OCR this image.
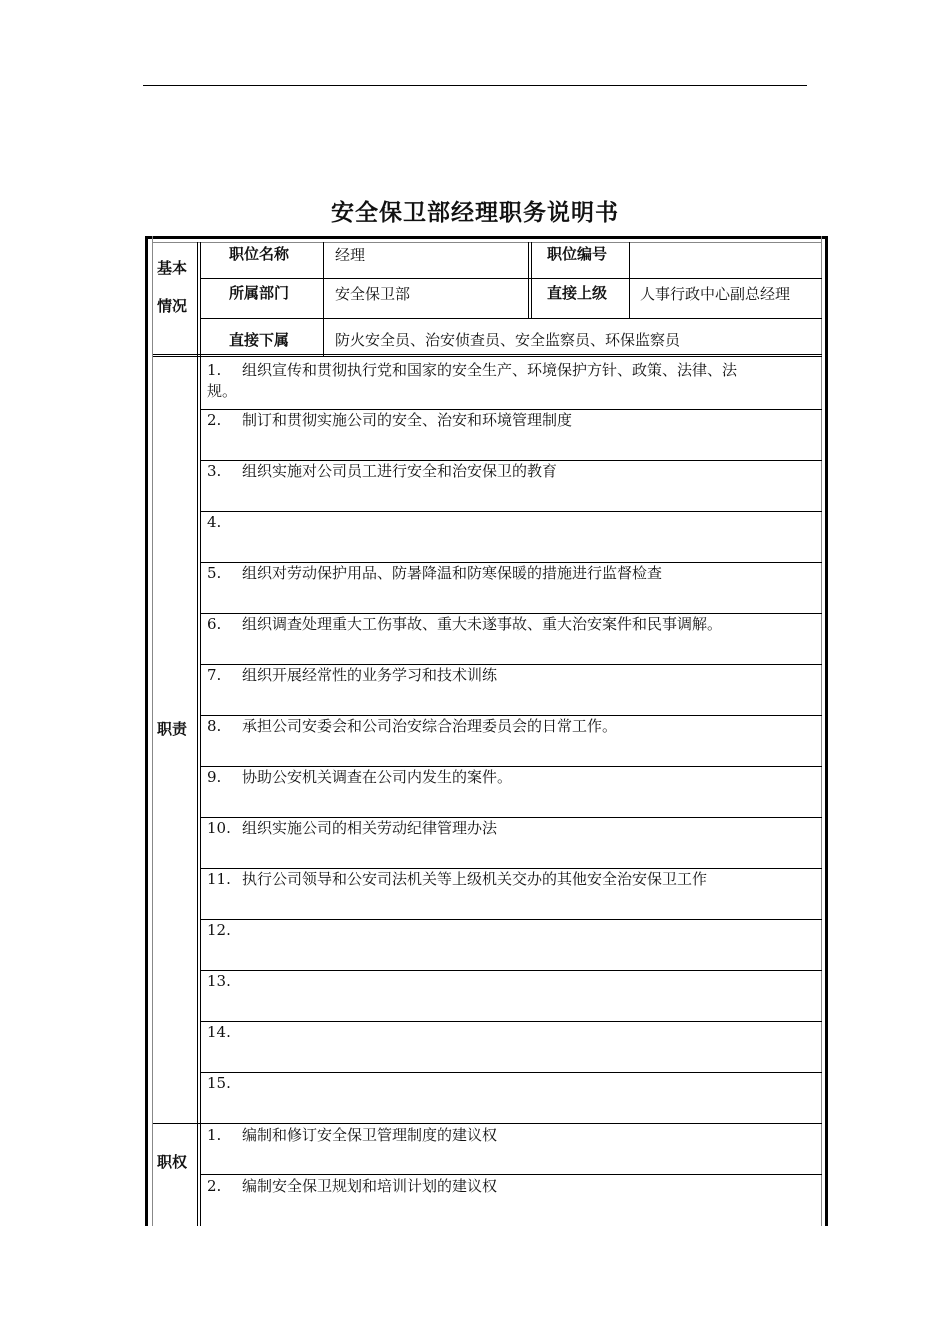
安全保卫部经理职务说明书
基本
情况
职位名称	经理	职位编号
所属部门	安全保卫部	直接上级 人事行政中心副总经理
直接下属	防火安全员、治安侦查员、安全监察员、环保监察员
职责
1. 组织宣传和贯彻执行党和国家的安全生产、环境保护方针、政策、法律、法
规。
2. 制订和贯彻实施公司的安全、治安和环境管理制度
3. 组织实施对公司员工进行安全和治安保卫的教育
4.
5. 组织对劳动保护用品、防暑降温和防寒保暖的措施进行监督检查
6. 组织调查处理重大工伤事故、重大未遂事故、重大治安案件和民事调解。
7. 组织开展经常性的业务学习和技术训练
8. 承担公司安委会和公司治安综合治理委员会的日常工作。
9. 协助公安机关调查在公司内发生的案件。
10. 组织实施公司的相关劳动纪律管理办法
11. 执行公司领导和公安司法机关等上级机关交办的其他安全治安保卫工作
12.
13.
14.
15.
职权
1. 编制和修订安全保卫管理制度的建议权
2. 编制安全保卫规划和培训计划的建议权
